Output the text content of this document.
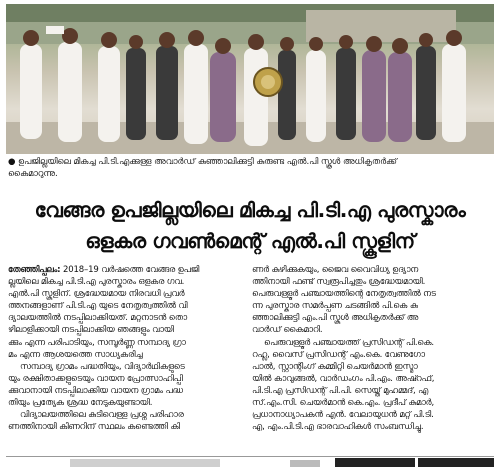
● ഉപജില്ലയിലെ മികച്ച പി.ടി.എക്കുള്ള അവാർഡ് കുഞ്ഞാലിക്കുട്ടി കുരുണ്ട എൽ.പി സ്കൂൾ അധികൃതർക്ക്
കൈമാറുന്നു.
വേങ്ങര ഉപജില്ലയിലെ മികച്ച പി.ടി.എ പുരസ്കാരം
ഒളകര ഗവൺമെന്റ് എൽ.പി സ്കൂളിന്
തേഞ്ഞിപ്പലം: 2018–19 വർഷത്തെ വേങ്ങര ഉപജി
ല്ലയിലെ മികച്ച പി.ടി.എ പുരസ്കാരം ഒളകര ഗവ.
എൽ.പി സ്കൂളിന്. ശ്രദ്ധേയമായ നിരവധി പ്രവർ
ത്തനങ്ങളാണ് പി.ടി.എ യുടെ നേതൃത്വത്തിൽ വി
ദ്യാലയത്തിൽ നടപ്പിലാക്കിയത്. മറ്റനാടൻ തൊ
ഴിലാളിക്കായി നടപ്പിലാക്കിയ ഞങ്ങളും വായി
ക്കും എന്ന പരിപാടിയും, സമ്പൂർണ്ണ സമ്പാദ്യ ഗ്രാ
മം എന്ന ആശയത്തെ സാധ്യകരിച്ച
സമ്പാദ്യ ഗ്രാമം പദ്ധതിയും, വിദ്യാർഥികളുടെ
യും രക്ഷിതാക്കളുടെയും വായന പ്രോത്സാഹിപ്പി
ക്കുവാനായി നടപ്പിലാക്കിയ വായന ഗ്രാമം പദ്ധ
തിയും പ്രത്യേക ശ്രദ്ധ നേടുകയുണ്ടായി.
വിദ്യാലയത്തിലെ കുടിവെള്ള പ്രശ്ന പരിഹാര
ണത്തിനായി കിണറിന് സ്ഥലം കണ്ടെത്തി കി
ണർ കുഴിക്കുകയും, ജൈവ വൈവിധ്യ ഉദ്യാന
ത്തിനായി ഫണ്ട് സ്വരൂപിച്ചതും ശ്രദ്ധേയമായി.
പെരുവള്ളൂർ പഞ്ചായത്തിന്റെ നേതൃത്വത്തിൽ നട
ന്ന പുരസ്കാര സമർപ്പണ ചടങ്ങിൽ പി.കെ കു
ഞ്ഞാലിക്കുട്ടി എം.പി സ്കൂൾ അധികൃതർക്ക് അ
വാർഡ് കൈമാറി.
പെരുവള്ളൂർ പഞ്ചായത്ത് പ്രസിഡന്റ് പി.കെ.
റഹ്ല, വൈസ് പ്രസിഡന്റ് എം.കെ. വേണുഗോ
പാൽ, സ്റ്റാന്റിംഗ് കമ്മിറ്റി ചെയർമാൻ ഇസ്മാ
യിൽ കാവുങ്ങൽ, വാർഡംഗം പി.എം. അഷ്റഫ്,
പി.ടി.എ പ്രസിഡന്റ് പി.പി. സെയ്ത് മുഹമ്മദ്, എ
സ്.എം.സി. ചെയർമാൻ കെ.എം. പ്രദീപ് കുമാർ,
പ്രധാനാധ്യാപകൻ എൻ. വേലായുധൻ മറ്റ് പി.ടി.
എ, എം.പി.ടി.എ ഭാരവാഹികൾ സംബന്ധിച്ചു.
